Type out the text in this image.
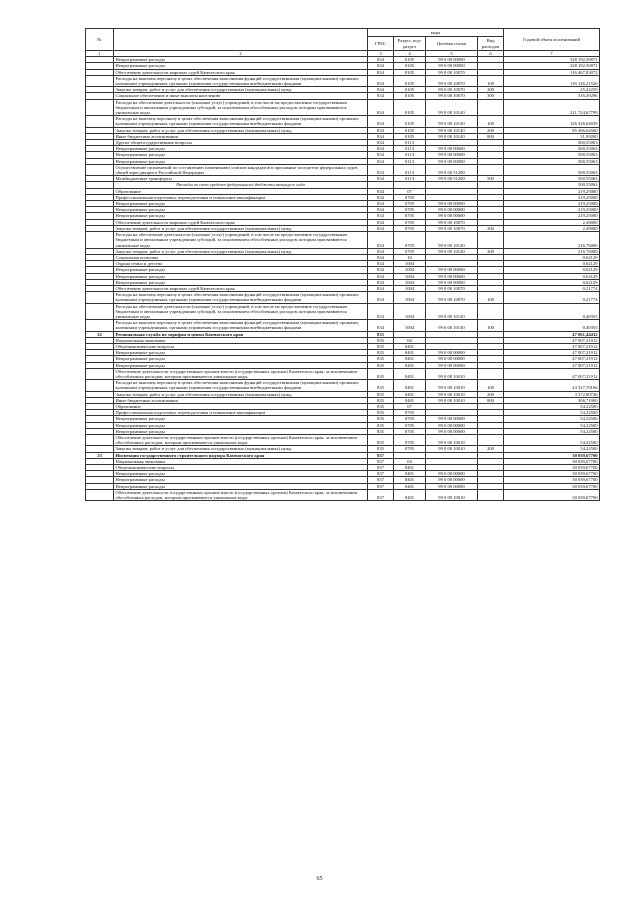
№		коды				Годовой объем ассигнований
		ГРБС	Раздел, под-раздел	Целевая статья	Вид расходов	
1	2	3	4	5	6	7
	Непрограммные расходы	834	0105	99 0 00 00000		328 192,50871
	Непрограммные расходы	834	0105	99 0 00 00000		328 192,50871
	Обеспечение деятельности мировых судей Камчатского края	834	0105	99 0 00 10070		116 467,83072
	Расходы на выплаты персоналу в целях обеспечения выполнения функций государственными (муниципальными) органами, казенными учреждениями, органами управления государственными внебюджетными фондами	834	0105	99 0 00 10070	100	116 126,21526
	Закупка товаров, работ и услуг для обеспечения государственных (муниципальных) нужд	834	0105	99 0 00 10070	200	25,22250
	Социальное обеспечение и иные выплаты населению	834	0105	99 0 00 10070	300	316,39296
	Расходы на обеспечение деятельности (оказание услуг) учреждений, в том числе на предоставление государственным бюджетным и автономным учреждениям субсидий, за исключением обособленных расходов, которым присваиваются уникальные коды	834	0105	99 0 00 10140		211 724,67799
	Расходы на выплаты персоналу в целях обеспечения выполнения функций государственными (муниципальными) органами, казенными учреждениями, органами управления государственными внебюджетными фондами	834	0105	99 0 00 10140	100	126 326,04039
	Закупка товаров, работ и услуг для обеспечения государственных (муниципальных) нужд	834	0105	99 0 00 10140	200	85 366,64560
	Иные бюджетные ассигнования	834	0105	99 0 00 10140	800	31,99200
	Другие общегосударственные вопросы	834	0113			500,55063
	Непрограммные расходы	834	0113	99 0 00 00000		500,55063
	Непрограммные расходы	834	0113	99 0 00 00000		500,55063
	Непрограммные расходы	834	0113	99 0 00 00000		500,55063
	Осуществление полномочий по составлению (изменению) списков кандидатов в присяжные заседатели федеральных судов общей юрисдикции в Российской Федерации	834	0113	99 0 00 51200		500,55063
	Межбюджетные трансферты	834	0113	99 0 00 51200	500	500,55063
	Расходы за счет средств федерального бюджета текущего года					500,55063
	Образование	834	07			219,25000
	Профессиональная подготовка, переподготовка и повышение квалификации	834	0705			219,25000
	Непрограммные расходы	834	0705	99 0 00 00000		219,25000
	Непрограммные расходы	834	0705	99 0 00 00000		219,25000
	Непрограммные расходы	834	0705	99 0 00 00000		219,25000
	Обеспечение деятельности мировых судей Камчатского края	834	0705	99 0 00 10070		2,49000
	Закупка товаров, работ и услуг для обеспечения государственных (муниципальных) нужд	834	0705	99 0 00 10070	200	2,49000
	Расходы на обеспечение деятельности (оказание услуг) учреждений, в том числе на предоставление государственным бюджетным и автономным учреждениям субсидий, за исключением обособленных расходов, которым присваиваются уникальные коды	834	0705	99 0 00 10140		216,76000
	Закупка товаров, работ и услуг для обеспечения государственных (муниципальных) нужд	834	0705	99 0 00 10140	200	216,76000
	Социальная политика	834	10			0,62129
	Охрана семьи и детства	834	1004			0,62129
	Непрограммные расходы	834	1004	99 0 00 00000		0,62129
	Непрограммные расходы	834	1004	99 0 00 00000		0,62129
	Непрограммные расходы	834	1004	99 0 00 00000		0,62129
	Обеспечение деятельности мировых судей Камчатского края	834	1004	99 0 00 10070		0,21774
	Расходы на выплаты персоналу в целях обеспечения выполнения функций государственными (муниципальными) органами, казенными учреждениями, органами управления государственными внебюджетными фондами	834	1004	99 0 00 10070	100	0,21774
	Расходы на обеспечение деятельности (оказание услуг) учреждений, в том числе на предоставление государственным бюджетным и автономным учреждениям субсидий, за исключением обособленных расходов, которым присваиваются уникальные коды	834	1004	99 0 00 10140		0,40355
	Расходы на выплаты персоналу в целях обеспечения выполнения функций государственными (муниципальными) органами, казенными учреждениями, органами управления государственными внебюджетными фондами	834	1004	99 0 00 10140	100	0,40355
22	Региональная служба по тарифам и ценам Камчатского края	835				47 061,44432
	Национальная экономика	835	04			47 007,21912
	Общеэкономические вопросы	835	0401			47 007,21912
	Непрограммные расходы	835	0401	99 0 00 00000		47 007,21912
	Непрограммные расходы	835	0401	99 0 00 00000		47 007,21912
	Непрограммные расходы	835	0401	99 0 00 00000		47 007,21912
	Обеспечение деятельности государственных органов власти (государственных органов) Камчатского края, за исключением обособленных расходов, которым присваиваются уникальные коды	835	0401	99 0 00 10010		47 007,21912
	Расходы на выплаты персоналу в целях обеспечения выполнения функций государственными (муниципальными) органами, казенными учреждениями, органами управления государственными внебюджетными фондами	835	0401	99 0 00 10010	100	43 327,70166
	Закупка товаров, работ и услуг для обеспечения государственных (муниципальных) нужд	835	0401	99 0 00 10010	200	3 372,80746
	Иные бюджетные ассигнования	835	0401	99 0 00 10010	800	306,71000
	Образование	835	07			54,22500
	Профессиональная подготовка, переподготовка и повышение квалификации	835	0705			54,22500
	Непрограммные расходы	835	0705	99 0 00 00000		54,22500
	Непрограммные расходы	835	0705	99 0 00 00000		54,22500
	Непрограммные расходы	835	0705	99 0 00 00000		54,22500
	Обеспечение деятельности государственных органов власти (государственных органов) Камчатского края, за исключением обособленных расходов, которым присваиваются уникальные коды	835	0705	99 0 00 10010		54,22500
	Закупка товаров, работ и услуг для обеспечения государственных (муниципальных) нужд	835	0705	99 0 00 10010	200	54,22500
23	Инспекция государственного строительного надзора Камчатского края	837				30 039,67700
	Национальная экономика	837	04			30 039,67700
	Общеэкономические вопросы	837	0401			30 039,67700
	Непрограммные расходы	837	0401	99 0 00 00000		30 039,67700
	Непрограммные расходы	837	0401	99 0 00 00000		30 039,67700
	Непрограммные расходы	837	0401	99 0 00 00000		30 039,67700
	Обеспечение деятельности государственных органов власти (государственных органов) Камчатского края, за исключением обособленных расходов, которым присваиваются уникальные коды	837	0401	99 0 00 10010		30 039,67700
65
